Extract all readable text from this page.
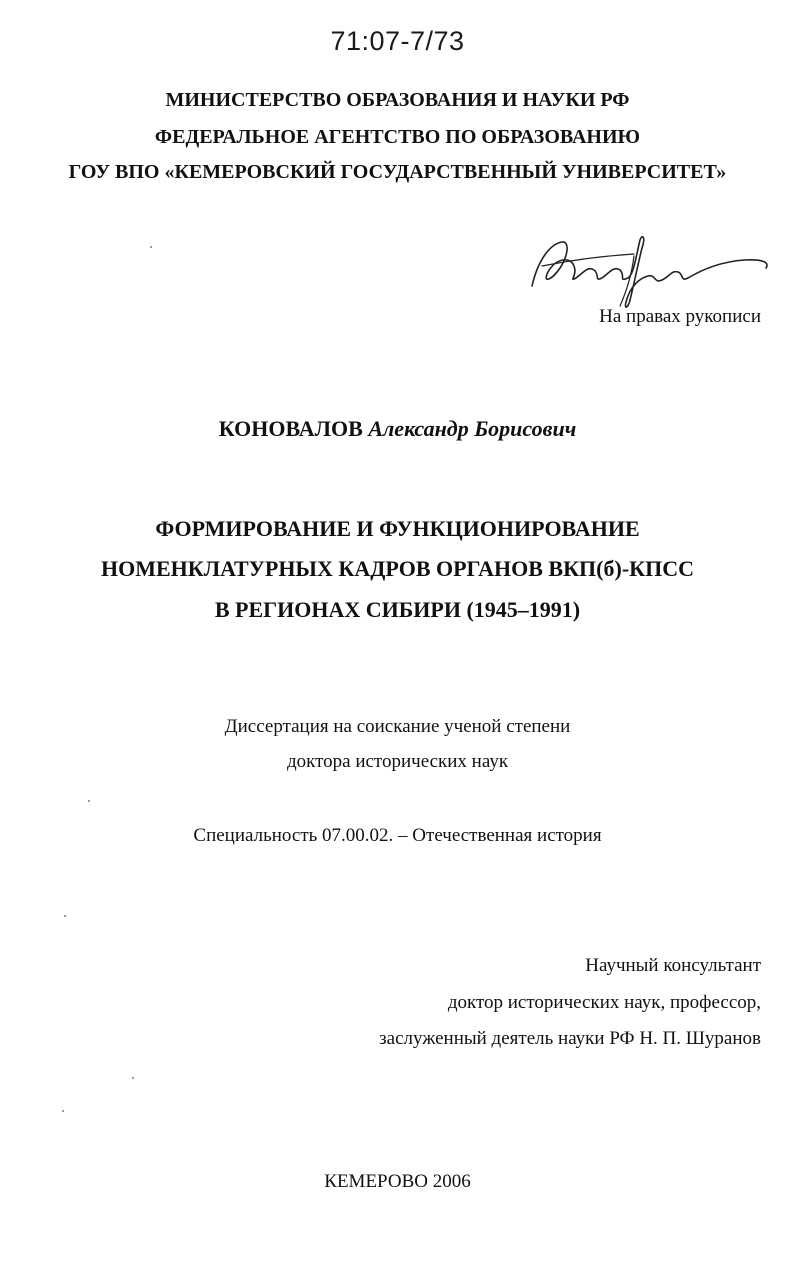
71:07-7/73
МИНИСТЕРСТВО ОБРАЗОВАНИЯ И НАУКИ РФ
ФЕДЕРАЛЬНОЕ АГЕНТСТВО ПО ОБРАЗОВАНИЮ
ГОУ ВПО «КЕМЕРОВСКИЙ ГОСУДАРСТВЕННЫЙ УНИВЕРСИТЕТ»
На правах рукописи
КОНОВАЛОВ Александр Борисович
ФОРМИРОВАНИЕ И ФУНКЦИОНИРОВАНИЕ
НОМЕНКЛАТУРНЫХ КАДРОВ ОРГАНОВ ВКП(б)-КПСС
В РЕГИОНАХ СИБИРИ (1945–1991)
Диссертация на соискание ученой степени
доктора исторических наук
Специальность 07.00.02. – Отечественная история
Научный консультант
доктор исторических наук, профессор,
заслуженный деятель науки РФ Н. П. Шуранов
КЕМЕРОВО 2006
